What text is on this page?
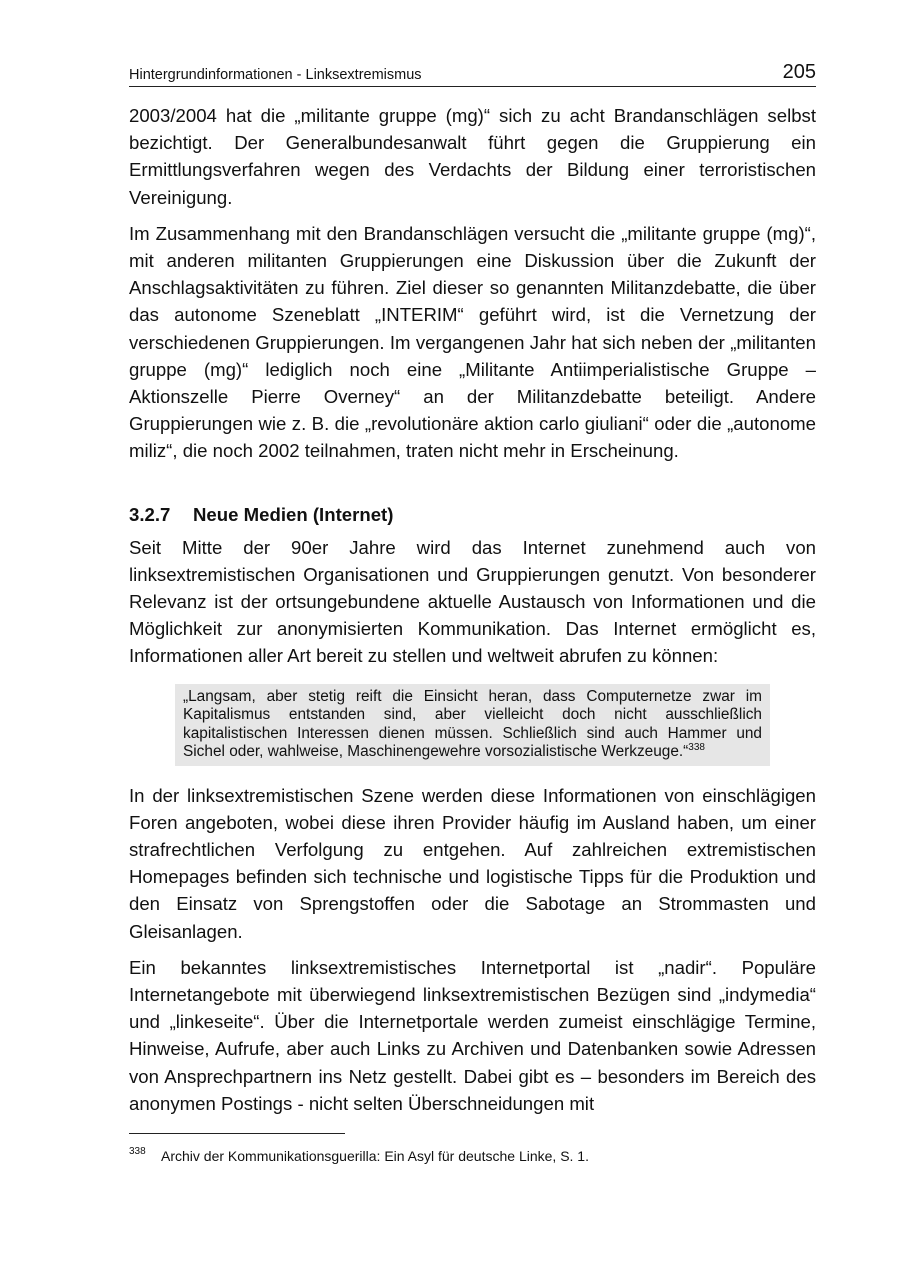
Hintergrundinformationen - Linksextremismus	205

2003/2004 hat die „militante gruppe (mg)“ sich zu acht Brandanschlägen selbst bezichtigt. Der Generalbundesanwalt führt gegen die Gruppierung ein Ermittlungsverfahren wegen des Verdachts der Bildung einer terroristischen Vereinigung.

Im Zusammenhang mit den Brandanschlägen versucht die „militante gruppe (mg)“, mit anderen militanten Gruppierungen eine Diskussion über die Zukunft der Anschlagsaktivitäten zu führen. Ziel dieser so genannten Militanzdebatte, die über das autonome Szeneblatt „INTERIM“ geführt wird, ist die Vernetzung der verschiedenen Gruppierungen. Im vergangenen Jahr hat sich neben der „militanten gruppe (mg)“ lediglich noch eine „Militante Antiimperialistische Gruppe – Aktionszelle Pierre Overney“ an der Militanzdebatte beteiligt. Andere Gruppierungen wie z. B. die „revolutionäre aktion carlo giuliani“ oder die „autonome miliz“, die noch 2002 teilnahmen, traten nicht mehr in Erscheinung.

3.2.7 Neue Medien (Internet)

Seit Mitte der 90er Jahre wird das Internet zunehmend auch von linksextremistischen Organisationen und Gruppierungen genutzt. Von besonderer Relevanz ist der ortsungebundene aktuelle Austausch von Informationen und die Möglichkeit zur anonymisierten Kommunikation. Das Internet ermöglicht es, Informationen aller Art bereit zu stellen und weltweit abrufen zu können:

„Langsam, aber stetig reift die Einsicht heran, dass Computernetze zwar im Kapitalismus entstanden sind, aber vielleicht doch nicht ausschließlich kapitalistischen Interessen dienen müssen. Schließlich sind auch Hammer und Sichel oder, wahlweise, Maschinengewehre vorsozialistische Werkzeuge.“$^{338}$

In der linksextremistischen Szene werden diese Informationen von einschlägigen Foren angeboten, wobei diese ihren Provider häufig im Ausland haben, um einer strafrechtlichen Verfolgung zu entgehen. Auf zahlreichen extremistischen Homepages befinden sich technische und logistische Tipps für die Produktion und den Einsatz von Sprengstoffen oder die Sabotage an Strommasten und Gleisanlagen.

Ein bekanntes linksextremistisches Internetportal ist „nadir“. Populäre Internetangebote mit überwiegend linksextremistischen Bezügen sind „indymedia“ und „linkeseite“. Über die Internetportale werden zumeist einschlägige Termine, Hinweise, Aufrufe, aber auch Links zu Archiven und Datenbanken sowie Adressen von Ansprechpartnern ins Netz gestellt. Dabei gibt es – besonders im Bereich des anonymen Postings - nicht selten Überschneidungen mit

338 Archiv der Kommunikationsguerilla: Ein Asyl für deutsche Linke, S. 1.
